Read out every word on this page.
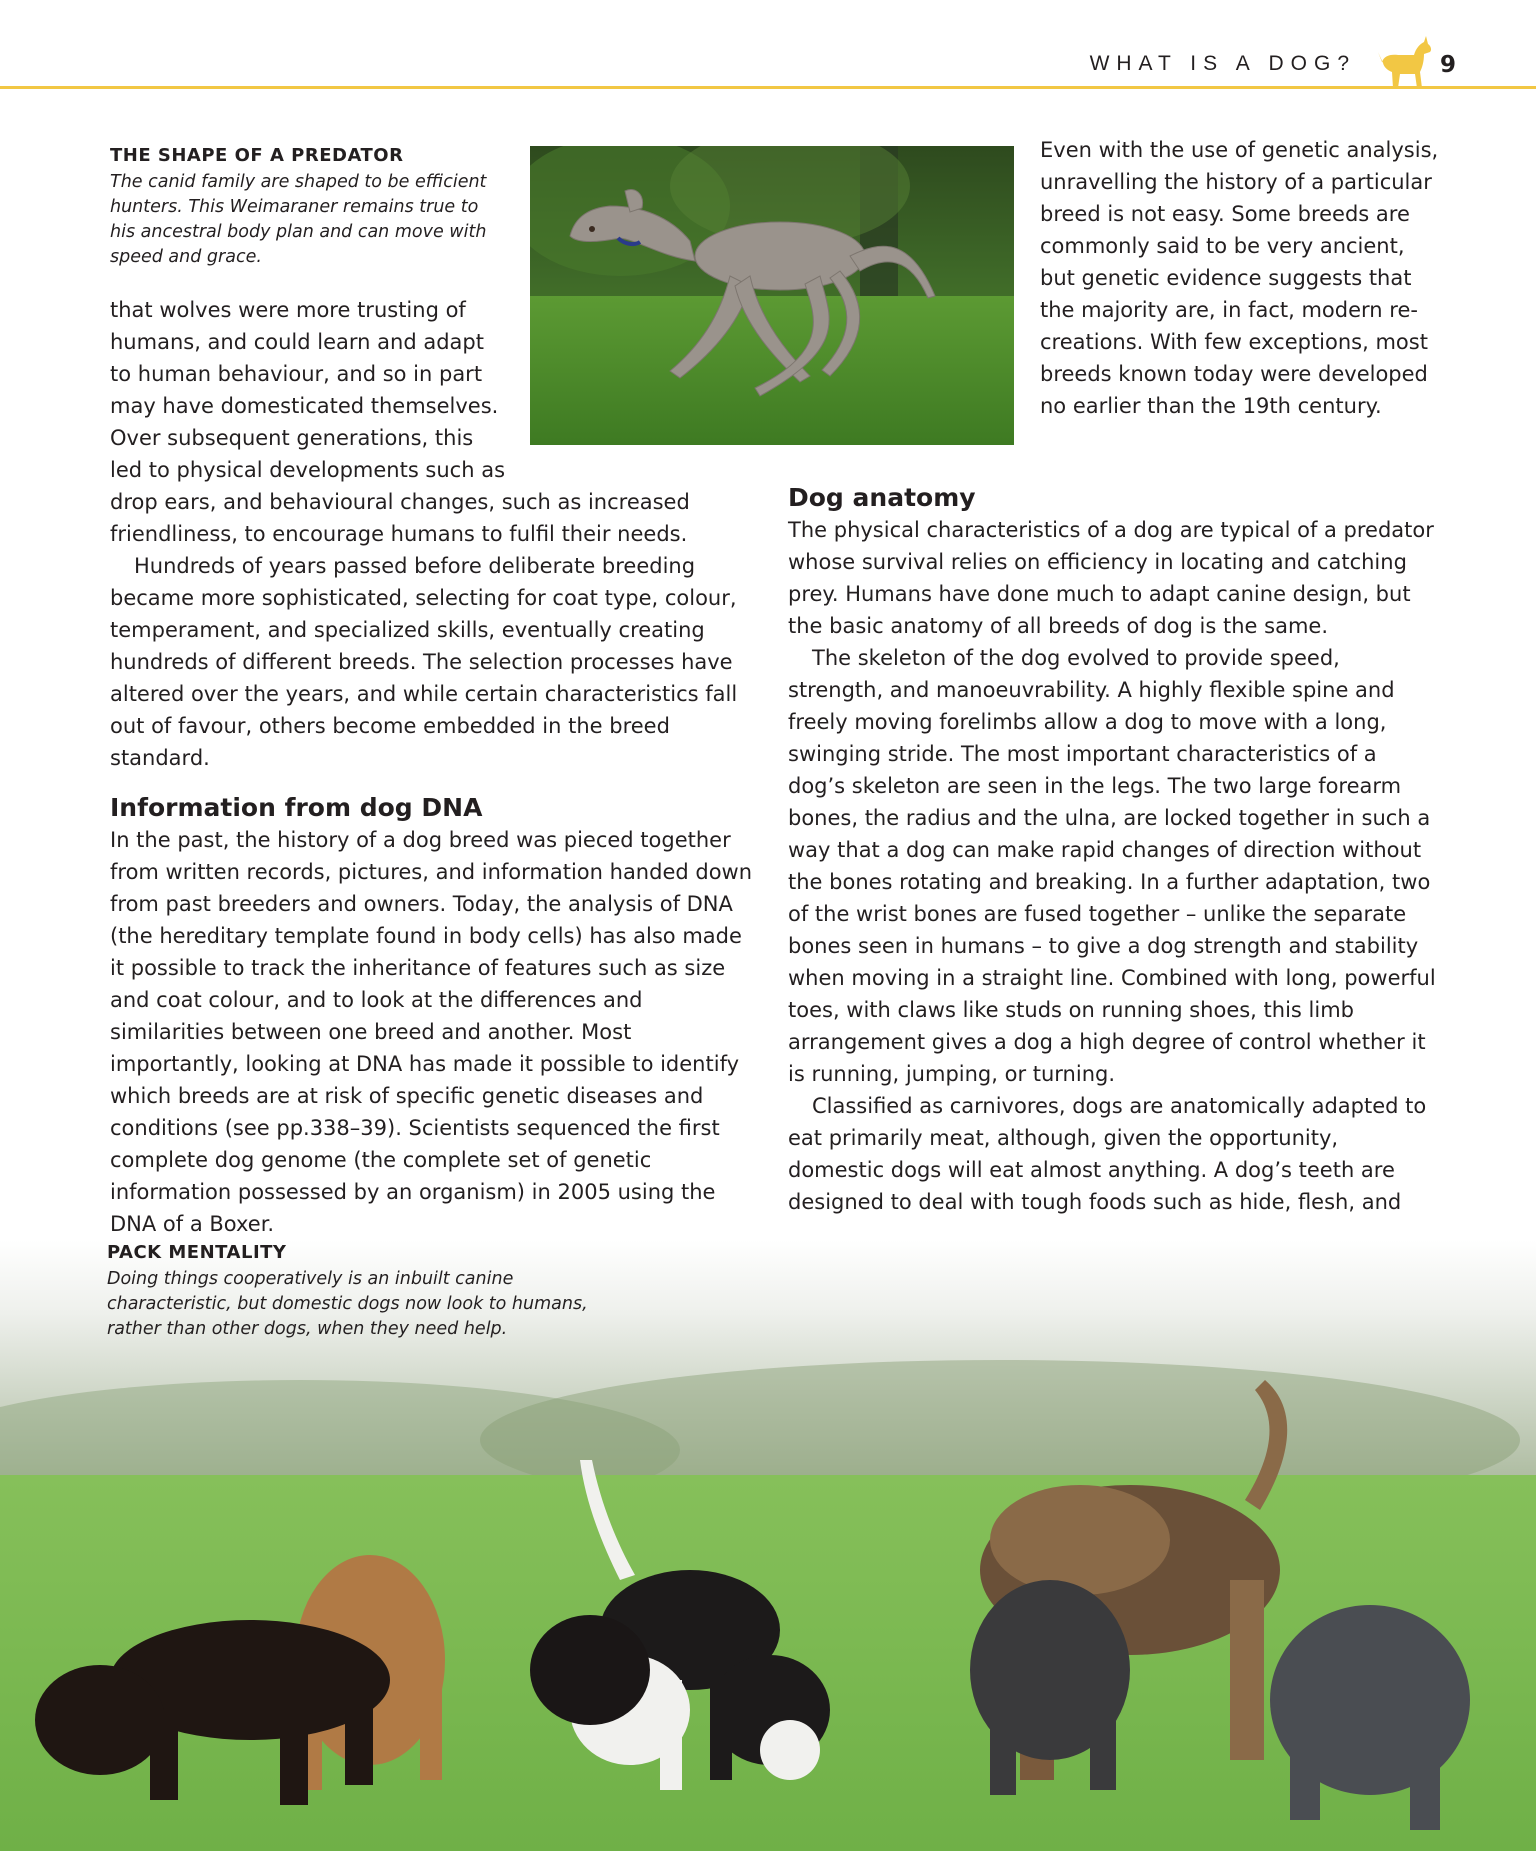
WHAT IS A DOG?	9

THE SHAPE OF A PREDATOR

The canid family are shaped to be efficient hunters. This Weimaraner remains true to his ancestral body plan and can move with speed and grace.

that wolves were more trusting of
humans, and could learn and adapt
to human behaviour, and so in part
may have domesticated themselves.
Over subsequent generations, this
led to physical developments such as

drop ears, and behavioural changes, such as increased friendliness, to encourage humans to fulfil their needs.

Hundreds of years passed before deliberate breeding became more sophisticated, selecting for coat type, colour, temperament, and specialized skills, eventually creating hundreds of different breeds. The selection processes have altered over the years, and while certain characteristics fall out of favour, others become embedded in the breed standard.

Information from dog DNA

In the past, the history of a dog breed was pieced together from written records, pictures, and information handed down from past breeders and owners. Today, the analysis of DNA (the hereditary template found in body cells) has also made it possible to track the inheritance of features such as size and coat colour, and to look at the differences and similarities between one breed and another. Most importantly, looking at DNA has made it possible to identify which breeds are at risk of specific genetic diseases and conditions (see pp.338–39). Scientists sequenced the first complete dog genome (the complete set of genetic information possessed by an organism) in 2005 using the DNA of a Boxer.

Even with the use of genetic analysis, unravelling the history of a particular breed is not easy. Some breeds are commonly said to be very ancient, but genetic evidence suggests that the majority are, in fact, modern re-creations. With few exceptions, most breeds known today were developed no earlier than the 19th century.

Dog anatomy

The physical characteristics of a dog are typical of a predator whose survival relies on efficiency in locating and catching prey. Humans have done much to adapt canine design, but the basic anatomy of all breeds of dog is the same.

The skeleton of the dog evolved to provide speed, strength, and manoeuvrability. A highly flexible spine and freely moving forelimbs allow a dog to move with a long, swinging stride. The most important characteristics of a dog’s skeleton are seen in the legs. The two large forearm bones, the radius and the ulna, are locked together in such a way that a dog can make rapid changes of direction without the bones rotating and breaking. In a further adaptation, two of the wrist bones are fused together – unlike the separate bones seen in humans – to give a dog strength and stability when moving in a straight line. Combined with long, powerful toes, with claws like studs on running shoes, this limb arrangement gives a dog a high degree of control whether it is running, jumping, or turning.

Classified as carnivores, dogs are anatomically adapted to eat primarily meat, although, given the opportunity, domestic dogs will eat almost anything. A dog’s teeth are designed to deal with tough foods such as hide, flesh, and

PACK MENTALITY

Doing things cooperatively is an inbuilt canine characteristic, but domestic dogs now look to humans, rather than other dogs, when they need help.
